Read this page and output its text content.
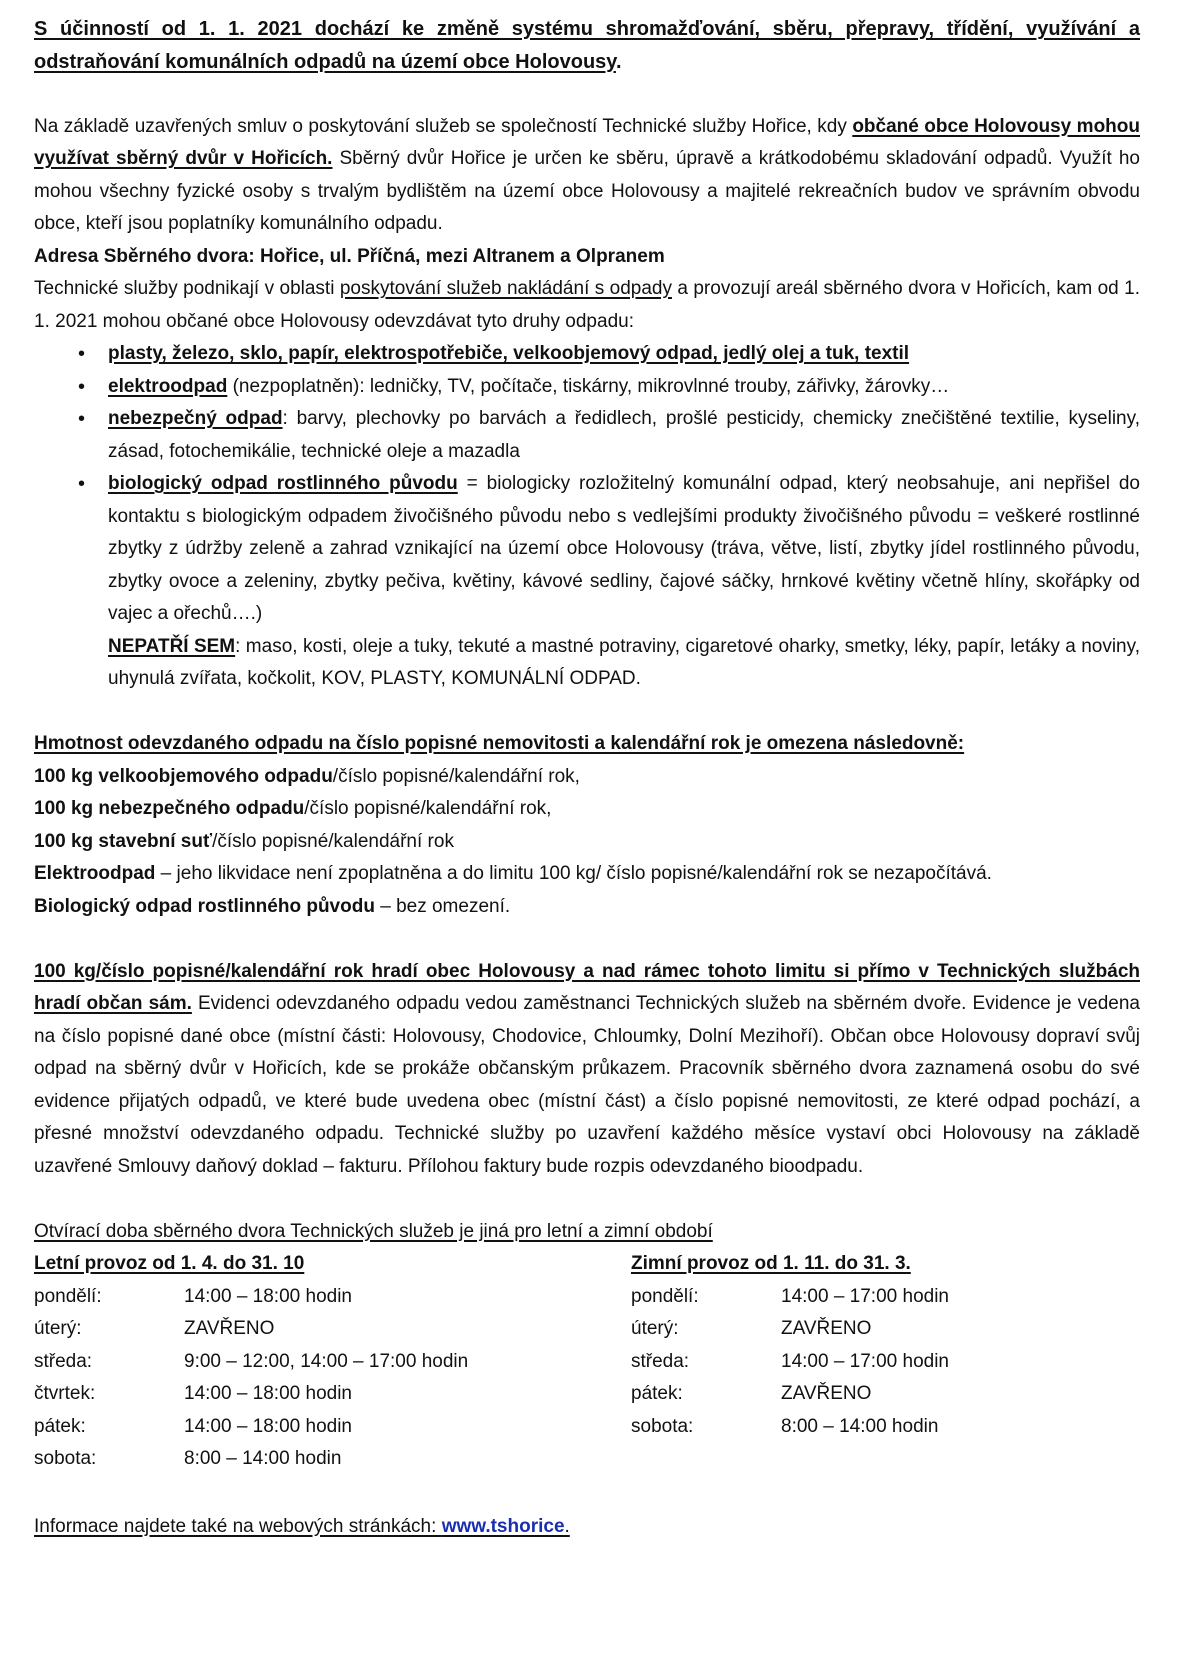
S účinností od 1. 1. 2021 dochází ke změně systému shromažďování, sběru, přepravy, třídění, využívání a odstraňování komunálních odpadů na území obce Holovousy.

Na základě uzavřených smluv o poskytování služeb se společností Technické služby Hořice, kdy občané obce Holovousy mohou využívat sběrný dvůr v Hořicích. Sběrný dvůr Hořice je určen ke sběru, úpravě a krátkodobému skladování odpadů. Využít ho mohou všechny fyzické osoby s trvalým bydlištěm na území obce Holovousy a majitelé rekreačních budov ve správním obvodu obce, kteří jsou poplatníky komunálního odpadu.

Adresa Sběrného dvora: Hořice, ul. Příčná, mezi Altranem a Olpranem

Technické služby podnikají v oblasti poskytování služeb nakládání s odpady a provozují areál sběrného dvora v Hořicích, kam od 1. 1. 2021 mohou občané obce Holovousy odevzdávat tyto druhy odpadu:

• plasty, železo, sklo, papír, elektrospotřebiče, velkoobjemový odpad, jedlý olej a tuk, textil
• elektroodpad (nezpoplatněn): ledničky, TV, počítače, tiskárny, mikrovlnné trouby, zářivky, žárovky…
• nebezpečný odpad: barvy, plechovky po barvách a ředidlech, prošlé pesticidy, chemicky znečištěné textilie, kyseliny, zásad, fotochemikálie, technické oleje a mazadla
• biologický odpad rostlinného původu = biologicky rozložitelný komunální odpad, který neobsahuje, ani nepřišel do kontaktu s biologickým odpadem živočišného původu nebo s vedlejšími produkty živočišného původu = veškeré rostlinné zbytky z údržby zeleně a zahrad vznikající na území obce Holovousy (tráva, větve, listí, zbytky jídel rostlinného původu, zbytky ovoce a zeleniny, zbytky pečiva, květiny, kávové sedliny, čajové sáčky, hrnkové květiny včetně hlíny, skořápky od vajec a ořechů….)

NEPATŘÍ SEM: maso, kosti, oleje a tuky, tekuté a mastné potraviny, cigaretové oharky, smetky, léky, papír, letáky a noviny, uhynulá zvířata, kočkolit, KOV, PLASTY, KOMUNÁLNÍ ODPAD.

Hmotnost odevzdaného odpadu na číslo popisné nemovitosti a kalendářní rok je omezena následovně:

100 kg velkoobjemového odpadu/číslo popisné/kalendářní rok,

100 kg nebezpečného odpadu/číslo popisné/kalendářní rok,

100 kg stavební suť/číslo popisné/kalendářní rok

Elektroodpad – jeho likvidace není zpoplatněna a do limitu 100 kg/ číslo popisné/kalendářní rok se nezapočítává.

Biologický odpad rostlinného původu – bez omezení.

100 kg/číslo popisné/kalendářní rok hradí obec Holovousy a nad rámec tohoto limitu si přímo v Technických službách hradí občan sám. Evidenci odevzdaného odpadu vedou zaměstnanci Technických služeb na sběrném dvoře. Evidence je vedena na číslo popisné dané obce (místní části: Holovousy, Chodovice, Chloumky, Dolní Mezihoří). Občan obce Holovousy dopraví svůj odpad na sběrný dvůr v Hořicích, kde se prokáže občanským průkazem. Pracovník sběrného dvora zaznamená osobu do své evidence přijatých odpadů, ve které bude uvedena obec (místní část) a číslo popisné nemovitosti, ze které odpad pochází, a přesné množství odevzdaného odpadu. Technické služby po uzavření každého měsíce vystaví obci Holovousy na základě uzavřené Smlouvy daňový doklad – fakturu. Přílohou faktury bude rozpis odevzdaného bioodpadu.

Otvírací doba sběrného dvora Technických služeb je jiná pro letní a zimní období

Letní provoz od 1. 4. do 31. 10

pondělí:	14:00 – 18:00 hodin
úterý:	ZAVŘENO
středa:	9:00 – 12:00, 14:00 – 17:00 hodin
čtvrtek:	14:00 – 18:00 hodin
pátek:	14:00 – 18:00 hodin
sobota:	8:00 – 14:00 hodin

Zimní provoz od 1. 11. do 31. 3.

pondělí:	14:00 – 17:00 hodin
úterý:	ZAVŘENO
středa:	14:00 – 17:00 hodin
pátek:	ZAVŘENO
sobota:	8:00 – 14:00 hodin

Informace najdete také na webových stránkách: www.tshorice.
